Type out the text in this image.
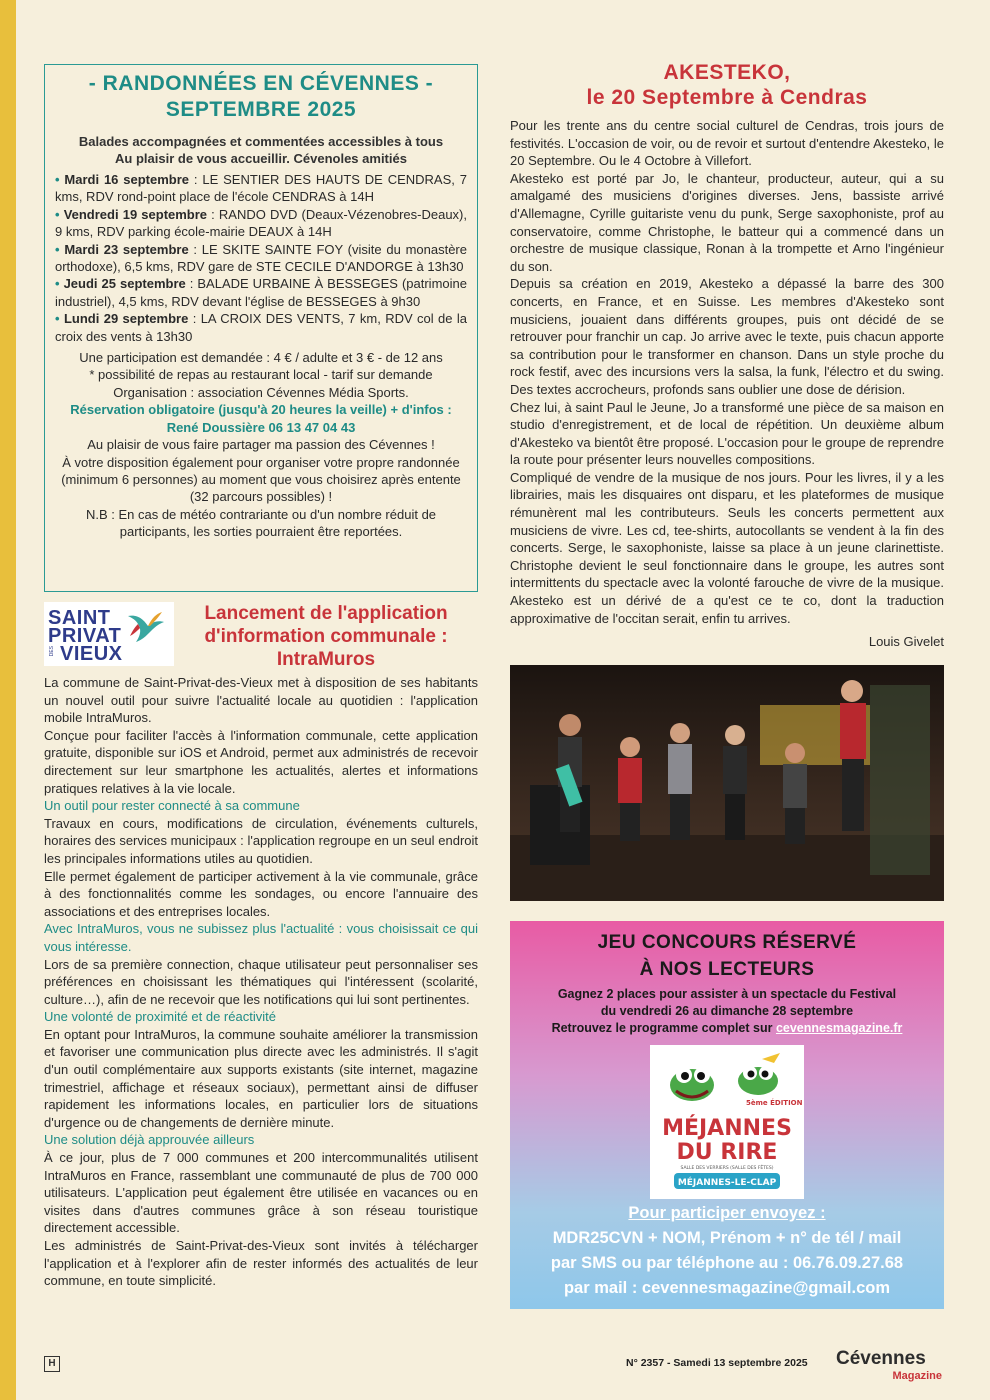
- RANDONNÉES EN CÉVENNES -
SEPTEMBRE 2025
Balades accompagnées et commentées accessibles à tous
Au plaisir de vous accueillir. Cévenoles amitiés
• Mardi 16 septembre : LE SENTIER DES HAUTS DE CENDRAS, 7 kms, RDV rond-point place de l'école CENDRAS à 14H
• Vendredi 19 septembre : RANDO DVD (Deaux-Vézenobres-Deaux), 9 kms, RDV parking école-mairie DEAUX à 14H
• Mardi 23 septembre : LE SKITE SAINTE FOY (visite du monastère orthodoxe), 6,5 kms, RDV gare de STE CECILE D'ANDORGE à 13h30
• Jeudi 25 septembre : BALADE URBAINE À BESSEGES (patrimoine industriel), 4,5 kms, RDV devant l'église de BESSEGES à 9h30
• Lundi 29 septembre : LA CROIX DES VENTS, 7 km, RDV col de la croix des vents à 13h30
Une participation est demandée : 4 € / adulte et 3 € - de 12 ans
* possibilité de repas au restaurant local - tarif sur demande
Organisation : association Cévennes Média Sports.
Réservation obligatoire (jusqu'à 20 heures la veille) + d'infos :
René Doussière 06 13 47 04 43
Au plaisir de vous faire partager ma passion des Cévennes !
À votre disposition également pour organiser votre propre randonnée (minimum 6 personnes) au moment que vous choisirez après entente (32 parcours possibles) !
N.B : En cas de météo contrariante ou d'un nombre réduit de participants, les sorties pourraient être reportées.
SAINT
PRIVAT
VIEUX
DES
Lancement de l'application
d'information communale :
IntraMuros

La commune de Saint-Privat-des-Vieux met à disposition de ses habitants un nouvel outil pour suivre l'actualité locale au quotidien : l'application mobile IntraMuros.

Conçue pour faciliter l'accès à l'information communale, cette application gratuite, disponible sur iOS et Android, permet aux administrés de recevoir directement sur leur smartphone les actualités, alertes et informations pratiques relatives à la vie locale.

Un outil pour rester connecté à sa commune

Travaux en cours, modifications de circulation, événements culturels, horaires des services municipaux : l'application regroupe en un seul endroit les principales informations utiles au quotidien.

Elle permet également de participer activement à la vie communale, grâce à des fonctionnalités comme les sondages, ou encore l'annuaire des associations et des entreprises locales.

Avec IntraMuros, vous ne subissez plus l'actualité : vous choisissait ce qui vous intéresse.

Lors de sa première connection, chaque utilisateur peut personnaliser ses préférences en choisissant les thématiques qui l'intéressent (scolarité, culture…), afin de ne recevoir que les notifications qui lui sont pertinentes.

Une volonté de proximité et de réactivité

En optant pour IntraMuros, la commune souhaite améliorer la transmission et favoriser une communication plus directe avec les administrés. Il s'agit d'un outil complémentaire aux supports existants (site internet, magazine trimestriel, affichage et réseaux sociaux), permettant ainsi de diffuser rapidement les informations locales, en particulier lors de situations d'urgence ou de changements de dernière minute.

Une solution déjà approuvée ailleurs

À ce jour, plus de 7 000 communes et 200 intercommunalités utilisent IntraMuros en France, rassemblant une communauté de plus de 700 000 utilisateurs. L'application peut également être utilisée en vacances ou en visites dans d'autres communes grâce à son réseau touristique directement accessible.

Les administrés de Saint-Privat-des-Vieux sont invités à télécharger l'application et à l'explorer afin de rester informés des actualités de leur commune, en toute simplicité.

AKESTEKO,
le 20 Septembre à Cendras

Pour les trente ans du centre social culturel de Cendras, trois jours de festivités. L'occasion de voir, ou de revoir et surtout d'entendre Akesteko, le 20 Septembre. Ou le 4 Octobre à Villefort.

Akesteko est porté par Jo, le chanteur, producteur, auteur, qui a su amalgamé des musiciens d'origines diverses. Jens, bassiste arrivé d'Allemagne, Cyrille guitariste venu du punk, Serge saxophoniste, prof au conservatoire, comme Christophe, le batteur qui a commencé dans un orchestre de musique classique, Ronan à la trompette et Arno l'ingénieur du son.

Depuis sa création en 2019, Akesteko a dépassé la barre des 300 concerts, en France, et en Suisse. Les membres d'Akesteko sont musiciens, jouaient dans différents groupes, puis ont décidé de se retrouver pour franchir un cap. Jo arrive avec le texte, puis chacun apporte sa contribution pour le transformer en chanson. Dans un style proche du rock festif, avec des incursions vers la salsa, la funk, l'électro et du swing. Des textes accrocheurs, profonds sans oublier une dose de dérision.

Chez lui, à saint Paul le Jeune, Jo a transformé une pièce de sa maison en studio d'enregistrement, et de local de répétition. Un deuxième album d'Akesteko va bientôt être proposé. L'occasion pour le groupe de reprendre la route pour présenter leurs nouvelles compositions.

Compliqué de vendre de la musique de nos jours. Pour les livres, il y a les librairies, mais les disquaires ont disparu, et les plateformes de musique rémunèrent mal les contributeurs. Seuls les concerts permettent aux musiciens de vivre. Les cd, tee-shirts, autocollants se vendent à la fin des concerts. Serge, le saxophoniste, laisse sa place à un jeune clarinettiste. Christophe devient le seul fonctionnaire dans le groupe, les autres sont intermittents du spectacle avec la volonté farouche de vivre de la musique. Akesteko est un dérivé de a qu'est ce te co, dont la traduction approximative de l'occitan serait, enfin tu arrives.

Louis Givelet
JEU CONCOURS RÉSERVÉ
À NOS LECTEURS
Gagnez 2 places pour assister à un spectacle du Festival
du vendredi 26 au dimanche 28 septembre
Retrouvez le programme complet sur cevennesmagazine.fr
5ème ÉDITION
MÉJANNES
DU RIRE
SALLE DES VERRIERS (SALLE DES FÊTES)
MÉJANNES-LE-CLAP
Pour participer envoyez :
MDR25CVN + NOM, Prénom + n° de tél / mail
par SMS ou par téléphone au : 06.76.09.27.68
par mail : cevennesmagazine@gmail.com
H	N° 2357 - Samedi 13 septembre 2025 Cévennes
Magazine
